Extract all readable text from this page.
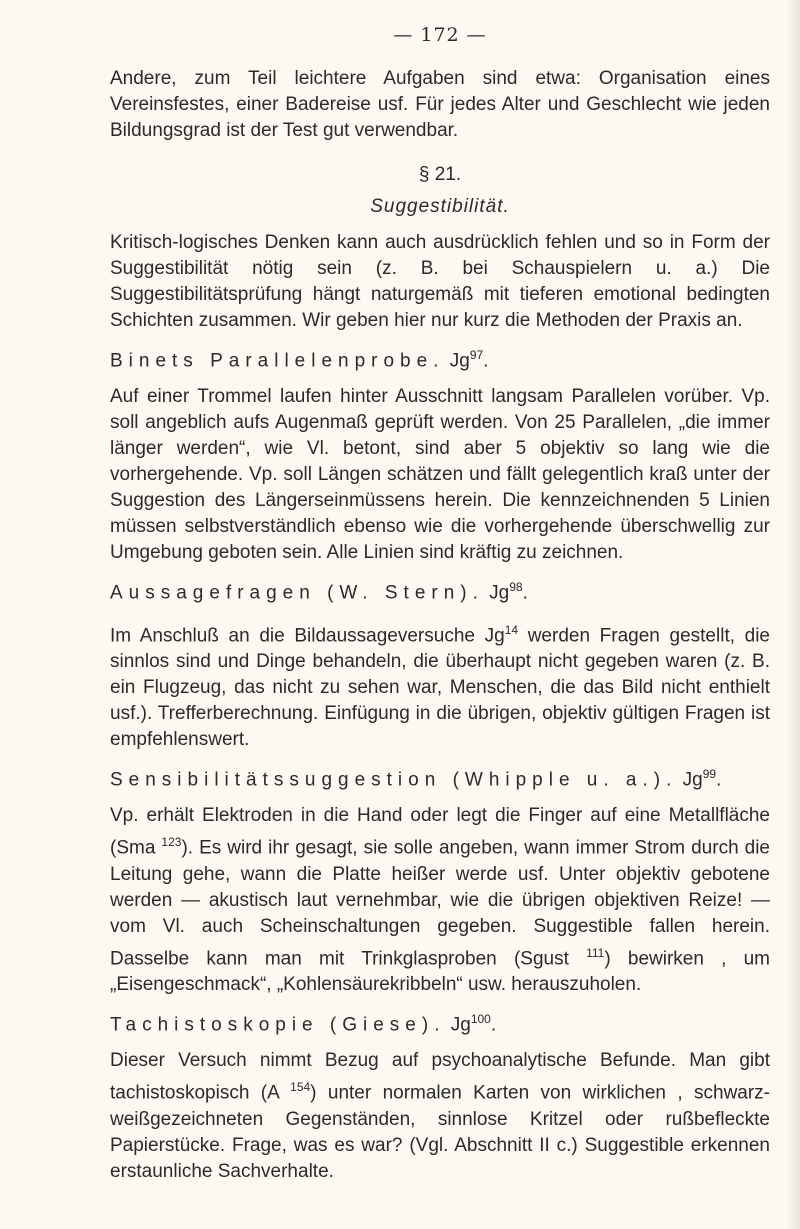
— 172 —

Andere, zum Teil leichtere Aufgaben sind etwa: Organisation eines Vereinsfestes, einer Badereise usf. Für jedes Alter und Geschlecht wie jeden Bildungsgrad ist der Test gut verwendbar.

§ 21.
Suggestibilität.

Kritisch-logisches Denken kann auch ausdrücklich fehlen und so in Form der Suggestibilität nötig sein (z. B. bei Schauspielern u. a.) Die Suggestibilitätsprüfung hängt naturgemäß mit tieferen emotional bedingten Schichten zusammen. Wir geben hier nur kurz die Methoden der Praxis an.

Binets Parallelenprobe. Jg$^{97}$.

Auf einer Trommel laufen hinter Ausschnitt langsam Parallelen vorüber. Vp. soll angeblich aufs Augenmaß geprüft werden. Von 25 Parallelen, „die immer länger werden“, wie Vl. betont, sind aber 5 objektiv so lang wie die vorhergehende. Vp. soll Längen schätzen und fällt gelegentlich kraß unter der Suggestion des Längerseinmüssens herein. Die kennzeichnenden 5 Linien müssen selbstverständlich ebenso wie die vorhergehende überschwellig zur Umgebung geboten sein. Alle Linien sind kräftig zu zeichnen.

Aussagefragen (W. Stern). Jg$^{98}$.

Im Anschluß an die Bildaussageversuche Jg$^{14}$ werden Fragen gestellt, die sinnlos sind und Dinge behandeln, die überhaupt nicht gegeben waren (z. B. ein Flugzeug, das nicht zu sehen war, Menschen, die das Bild nicht enthielt usf.). Trefferberechnung. Einfügung in die übrigen, objektiv gültigen Fragen ist empfehlenswert.

Sensibilitätssuggestion (Whipple u. a.). Jg$^{99}$.

Vp. erhält Elektroden in die Hand oder legt die Finger auf eine Metallfläche (Sma $^{123}$). Es wird ihr gesagt, sie solle angeben, wann immer Strom durch die Leitung gehe, wann die Platte heißer werde usf. Unter objektiv gebotene werden — akustisch laut vernehmbar, wie die übrigen objektiven Reize! — vom Vl. auch Scheinschaltungen gegeben. Suggestible fallen herein. Dasselbe kann man mit Trinkglasproben (Sgust $^{111}$) bewirken , um „Eisengeschmack“, „Kohlensäurekribbeln“ usw. herauszuholen.

Tachistoskopie (Giese). Jg$^{100}$.

Dieser Versuch nimmt Bezug auf psychoanalytische Befunde. Man gibt tachistoskopisch (A $^{154}$) unter normalen Karten von wirklichen , schwarz-weißgezeichneten Gegenständen, sinnlose Kritzel oder rußbefleckte Papierstücke. Frage, was es war? (Vgl. Abschnitt II c.) Suggestible erkennen erstaunliche Sachverhalte.
